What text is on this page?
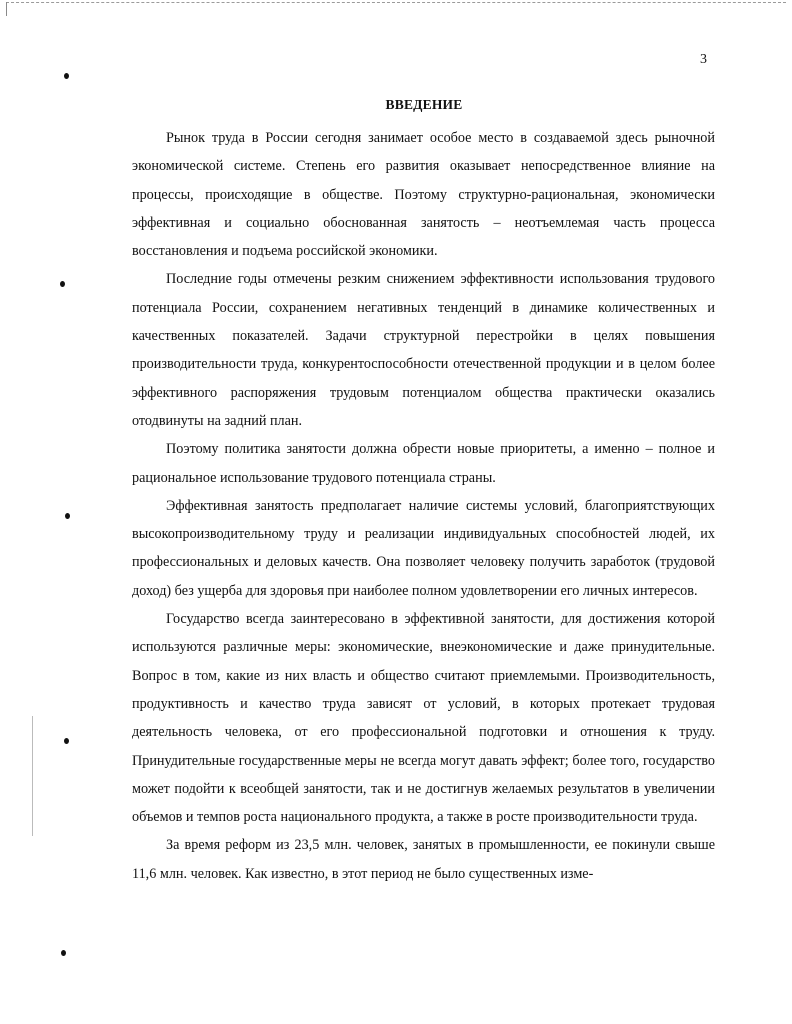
3
ВВЕДЕНИЕ

Рынок труда в России сегодня занимает особое место в создаваемой здесь рыночной экономической системе. Степень его развития оказывает непосредственное влияние на процессы, происходящие в обществе. Поэтому структурно-рациональная, экономически эффективная и социально обоснованная занятость – неотъемлемая часть процесса восстановления и подъема российской экономики.

Последние годы отмечены резким снижением эффективности использования трудового потенциала России, сохранением негативных тенденций в динамике количественных и качественных показателей. Задачи структурной перестройки в целях повышения производительности труда, конкурентоспособности отечественной продукции и в целом более эффективного распоряжения трудовым потенциалом общества практически оказались отодвинуты на задний план.

Поэтому политика занятости должна обрести новые приоритеты, а именно – полное и рациональное использование трудового потенциала страны.

Эффективная занятость предполагает наличие системы условий, благоприятствующих высокопроизводительному труду и реализации индивидуальных способностей людей, их профессиональных и деловых качеств. Она позволяет человеку получить заработок (трудовой доход) без ущерба для здоровья при наиболее полном удовлетворении его личных интересов.

Государство всегда заинтересовано в эффективной занятости, для достижения которой используются различные меры: экономические, внеэкономические и даже принудительные. Вопрос в том, какие из них власть и общество считают приемлемыми. Производительность, продуктивность и качество труда зависят от условий, в которых протекает трудовая деятельность человека, от его профессиональной подготовки и отношения к труду. Принудительные государственные меры не всегда могут давать эффект; более того, государство может подойти к всеобщей занятости, так и не достигнув желаемых результатов в увеличении объемов и темпов роста национального продукта, а также в росте производительности труда.

За время реформ из 23,5 млн. человек, занятых в промышленности, ее покинули свыше 11,6 млн. человек. Как известно, в этот период не было существенных изме-
